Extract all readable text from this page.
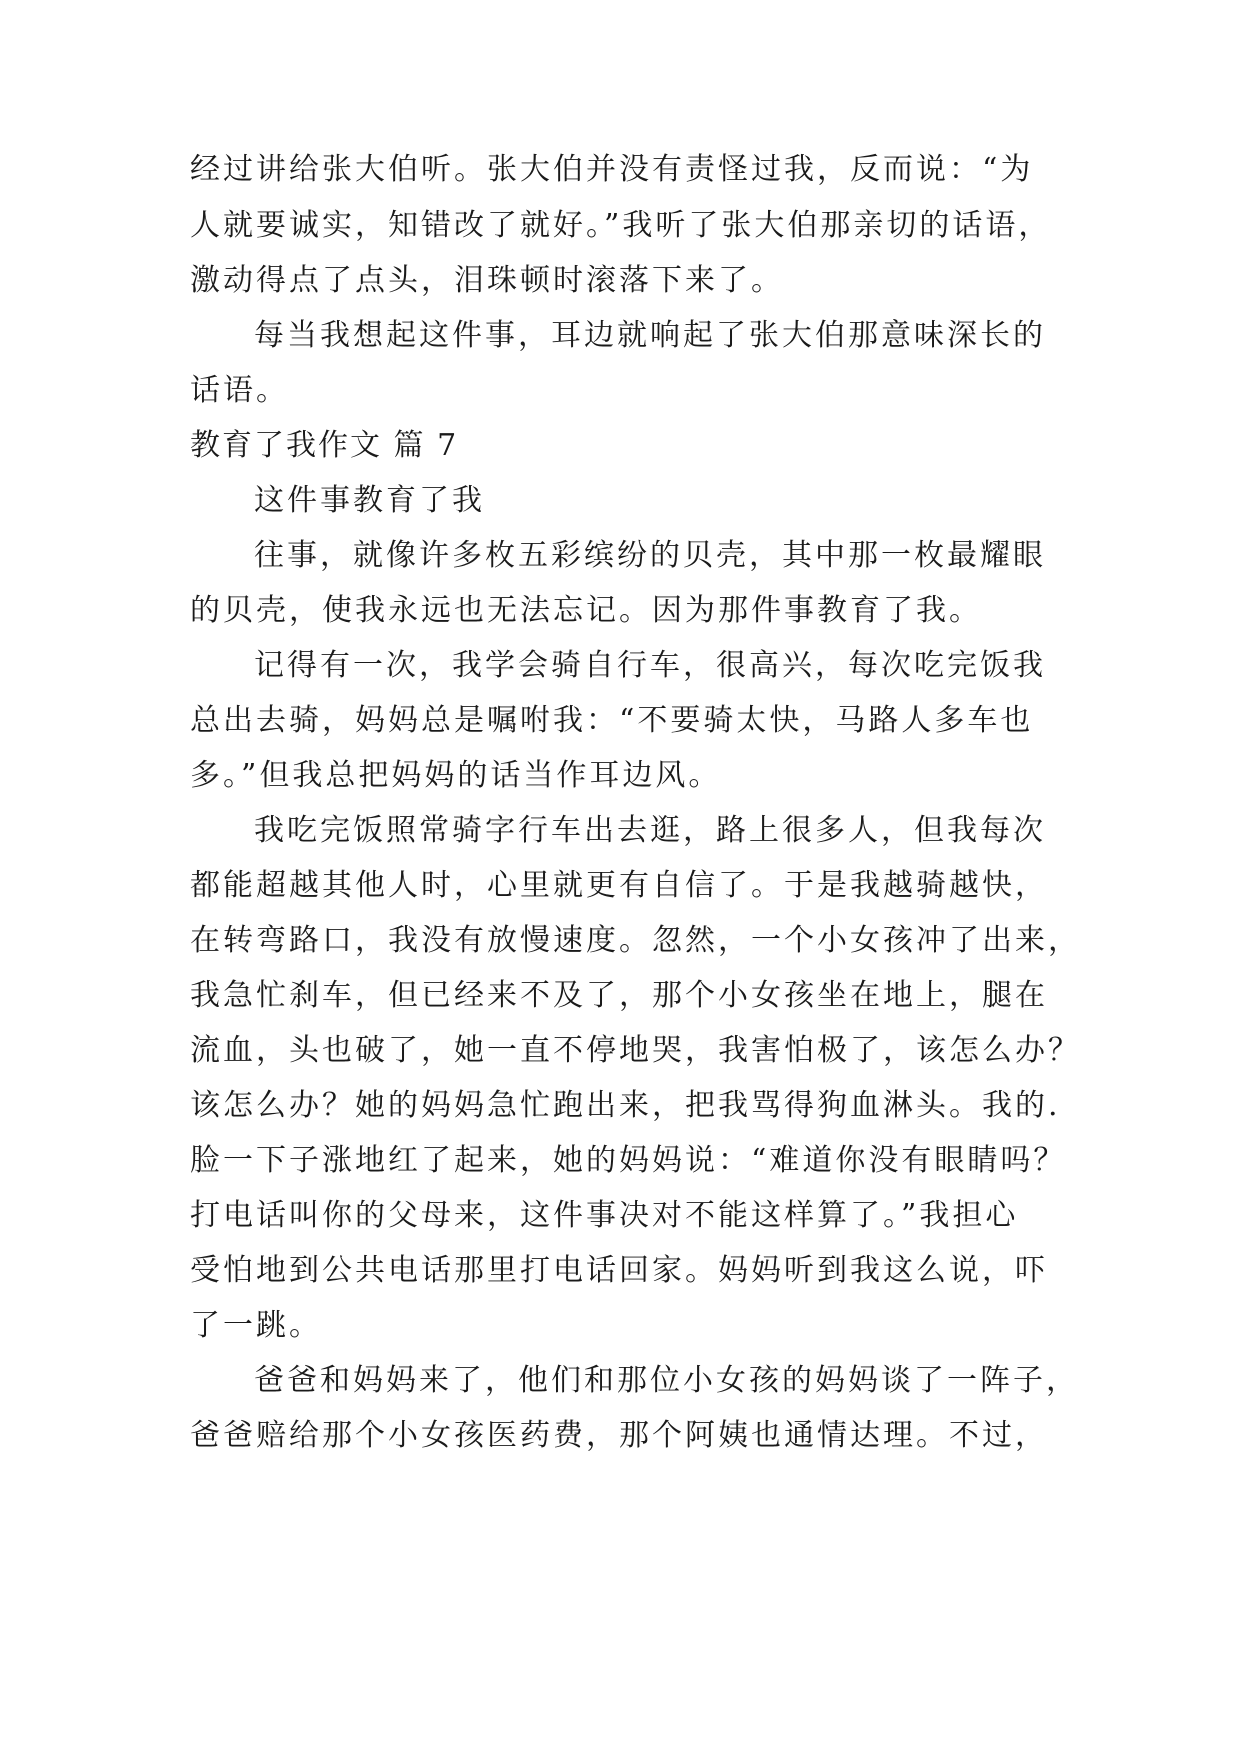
经过讲给张大伯听。张大伯并没有责怪过我，反而说：“为
人就要诚实，知错改了就好。”我听了张大伯那亲切的话语，
激动得点了点头，泪珠顿时滚落下来了。
每当我想起这件事，耳边就响起了张大伯那意味深长的
话语。
教育了我作文 篇 7
这件事教育了我
往事，就像许多枚五彩缤纷的贝壳，其中那一枚最耀眼
的贝壳，使我永远也无法忘记。因为那件事教育了我。
记得有一次，我学会骑自行车，很高兴，每次吃完饭我
总出去骑，妈妈总是嘱咐我：“不要骑太快，马路人多车也
多。”但我总把妈妈的话当作耳边风。
我吃完饭照常骑字行车出去逛，路上很多人，但我每次
都能超越其他人时，心里就更有自信了。于是我越骑越快，
在转弯路口，我没有放慢速度。忽然，一个小女孩冲了出来，
我急忙刹车，但已经来不及了，那个小女孩坐在地上，腿在
流血，头也破了，她一直不停地哭，我害怕极了，该怎么办？
该怎么办？她的妈妈急忙跑出来，把我骂得狗血淋头。我的.
脸一下子涨地红了起来，她的妈妈说：“难道你没有眼睛吗？
打电话叫你的父母来，这件事决对不能这样算了。”我担心
受怕地到公共电话那里打电话回家。妈妈听到我这么说，吓
了一跳。
爸爸和妈妈来了，他们和那位小女孩的妈妈谈了一阵子，
爸爸赔给那个小女孩医药费，那个阿姨也通情达理。不过，
